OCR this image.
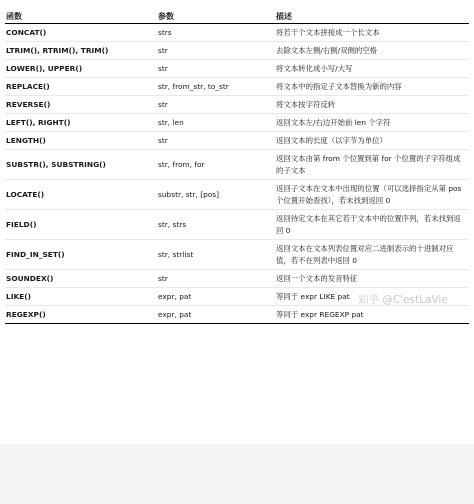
函数	参数	描述
CONCAT()	strs	将若干个文本拼接成一个长文本
LTRIM(), RTRIM(), TRIM()	str	去除文本左侧/右侧/双侧的空格
LOWER(), UPPER()	str	将文本转化成小写/大写
REPLACE()	str, from_str, to_str	将文本中的指定子文本替换为新的内容
REVERSE()	str	将文本按字符反转
LEFT(), RIGHT()	str, len	返回文本左/右边开始前 len 个字符
LENGTH()	str	返回文本的长度（以字节为单位）
SUBSTR(), SUBSTRING()	str, from, for	返回文本由第 from 个位置到第 for 个位置的子字符组成的子文本
LOCATE()	substr, str, [pos]	返回子文本在文本中出现的位置（可以选择指定从第 pos 个位置开始查找），若未找到返回 0
FIELD()	str, strs	返回待定文本在其它若干文本中的位置序列，若未找到返回 0
FIND_IN_SET()	str, strlist	返回文本在文本列表位置对应二进制表示的十进制对应值，若不在列表中返回 0
SOUNDEX()	str	返回一个文本的发音特征
LIKE()	expr, pat	等同于 expr LIKE pat
REGEXP()	expr, pat	等同于 expr REGEXP pat
知乎 @C'estLaVie
